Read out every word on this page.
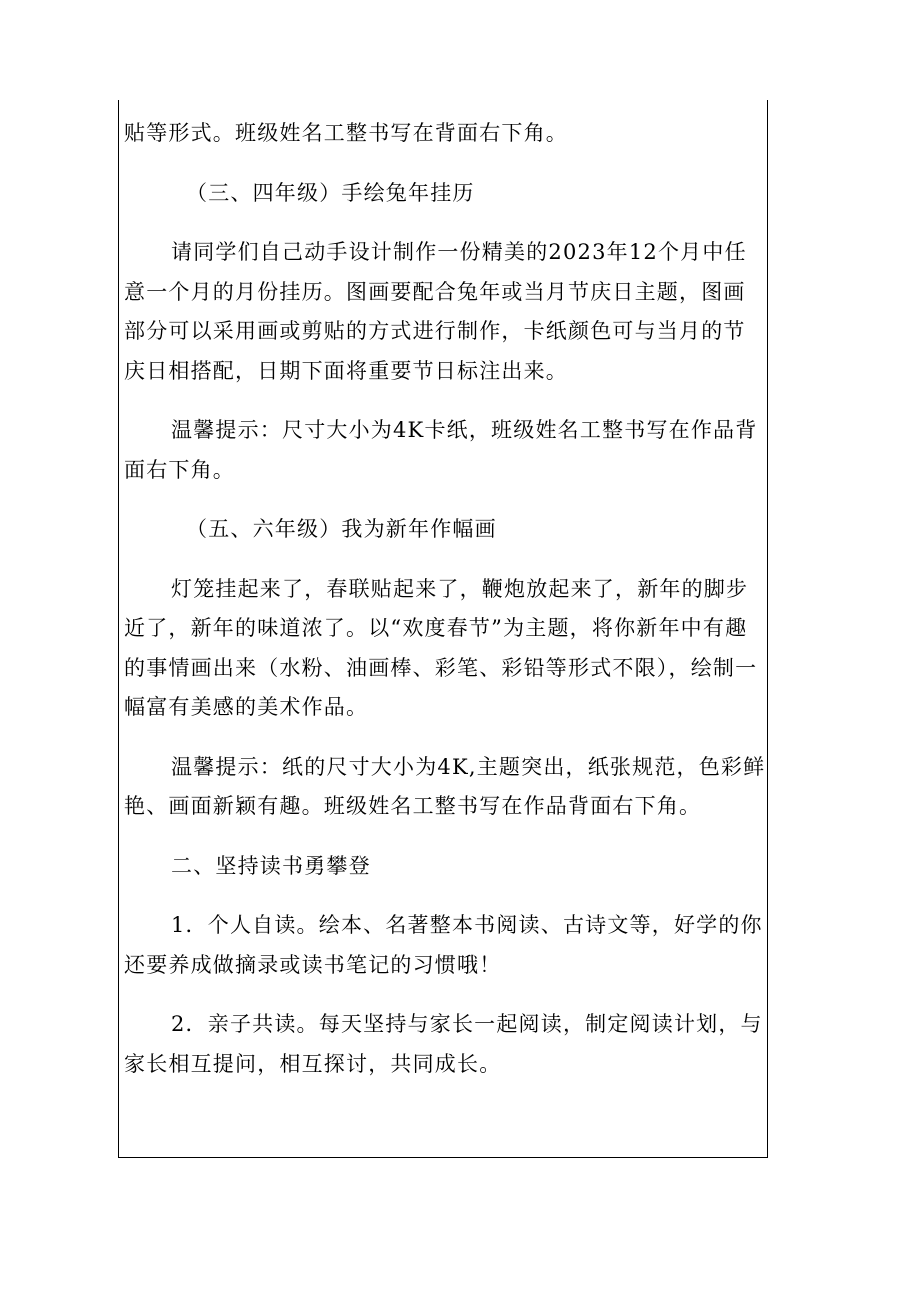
贴等形式。班级姓名工整书写在背面右下角。

（三、四年级）手绘兔年挂历

请同学们自己动手设计制作一份精美的2023年12个月中任意一个月的月份挂历。图画要配合兔年或当月节庆日主题，图画部分可以采用画或剪贴的方式进行制作，卡纸颜色可与当月的节庆日相搭配，日期下面将重要节日标注出来。

温馨提示：尺寸大小为4K卡纸，班级姓名工整书写在作品背面右下角。

（五、六年级）我为新年作幅画

灯笼挂起来了，春联贴起来了，鞭炮放起来了，新年的脚步近了，新年的味道浓了。以“欢度春节”为主题，将你新年中有趣的事情画出来（水粉、油画棒、彩笔、彩铅等形式不限），绘制一幅富有美感的美术作品。

温馨提示：纸的尺寸大小为4K,主题突出，纸张规范，色彩鲜艳、画面新颖有趣。班级姓名工整书写在作品背面右下角。

二、坚持读书勇攀登

1．个人自读。绘本、名著整本书阅读、古诗文等，好学的你还要养成做摘录或读书笔记的习惯哦！

2．亲子共读。每天坚持与家长一起阅读，制定阅读计划，与家长相互提问，相互探讨，共同成长。
